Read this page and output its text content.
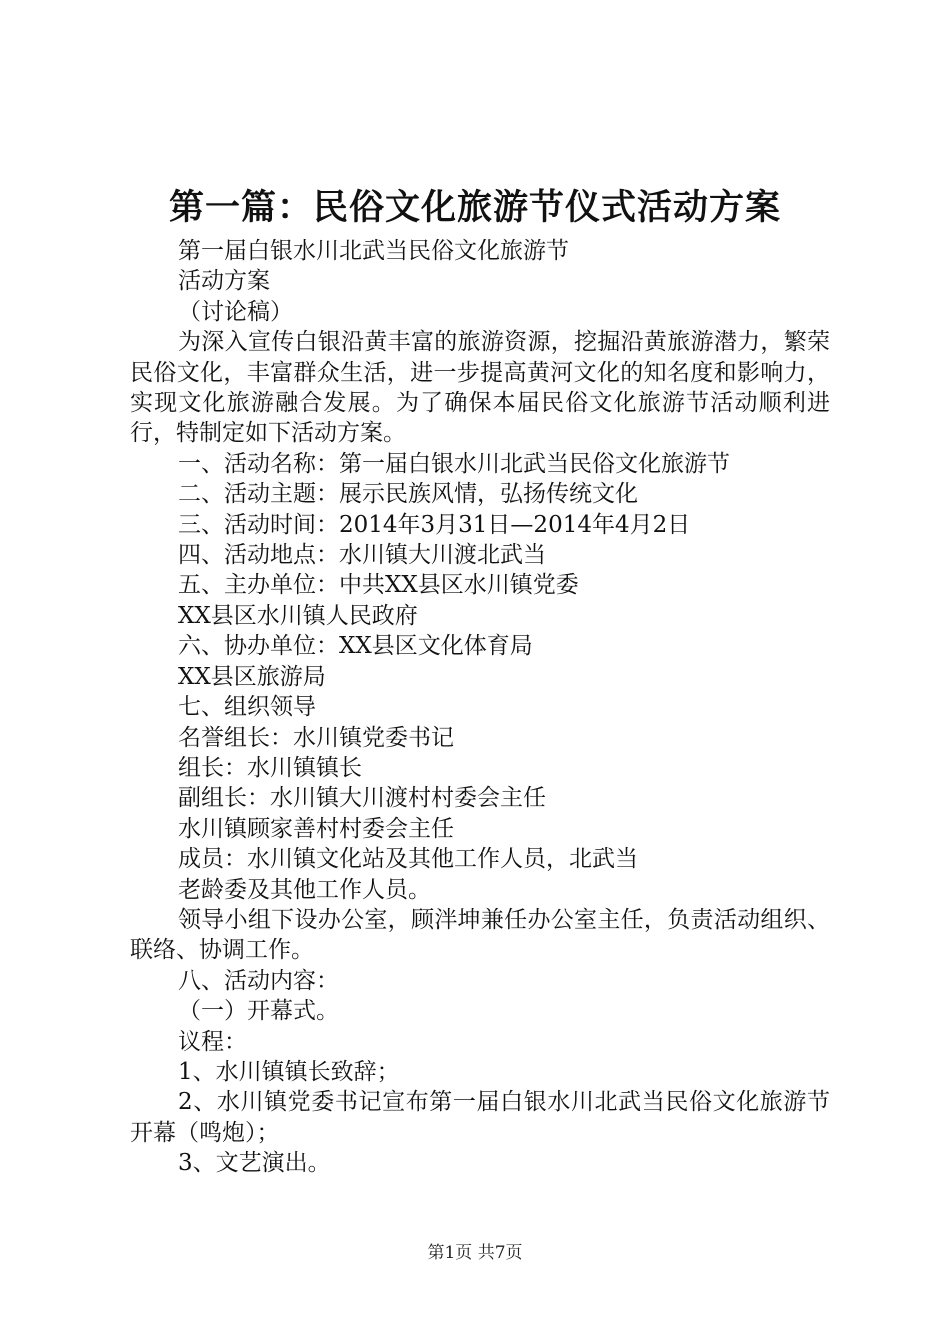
第一篇：民俗文化旅游节仪式活动方案

第一届白银水川北武当民俗文化旅游节

活动方案

（讨论稿）

为深入宣传白银沿黄丰富的旅游资源，挖掘沿黄旅游潜力，繁荣民俗文化，丰富群众生活，进一步提高黄河文化的知名度和影响力，实现文化旅游融合发展。为了确保本届民俗文化旅游节活动顺利进行，特制定如下活动方案。

一、活动名称：第一届白银水川北武当民俗文化旅游节

二、活动主题：展示民族风情，弘扬传统文化

三、活动时间：2014年3月31日—2014年4月2日

四、活动地点：水川镇大川渡北武当

五、主办单位：中共XX县区水川镇党委

XX县区水川镇人民政府

六、协办单位：XX县区文化体育局

XX县区旅游局

七、组织领导

名誉组长：水川镇党委书记

组长：水川镇镇长

副组长：水川镇大川渡村村委会主任

水川镇顾家善村村委会主任

成员：水川镇文化站及其他工作人员，北武当

老龄委及其他工作人员。

领导小组下设办公室，顾泮坤兼任办公室主任，负责活动组织、联络、协调工作。

八、活动内容：

（一）开幕式。

议程：

1、水川镇镇长致辞；

2、水川镇党委书记宣布第一届白银水川北武当民俗文化旅游节开幕（鸣炮）；

3、文艺演出。

第1页 共7页
